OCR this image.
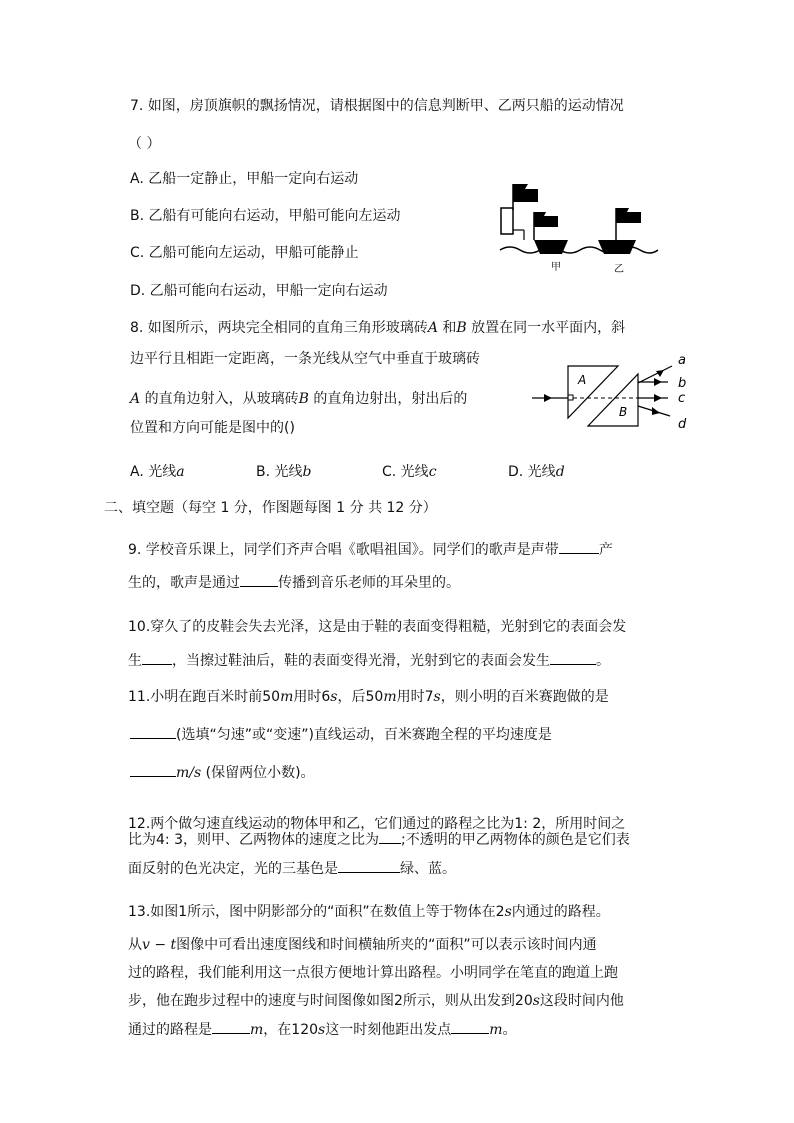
7. 如图，房顶旗帜的飘扬情况，请根据图中的信息判断甲、乙两只船的运动情况
（ ）
A. 乙船一定静止，甲船一定向右运动
B. 乙船有可能向右运动，甲船可能向左运动
C. 乙船可能向左运动，甲船可能静止
D. 乙船可能向右运动，甲船一定向右运动
甲	乙
8. 如图所示，两块完全相同的直角三角形玻璃砖A 和B 放置在同一水平面内，斜
边平行且相距一定距离，一条光线从空气中垂直于玻璃砖
A 的直角边射入，从玻璃砖B 的直角边射出，射出后的
位置和方向可能是图中的()
A
B
a
b
c
d
A. 光线a	B. 光线b	C. 光线c	D. 光线d
二、填空题（每空 1 分，作图题每图 1 分 共 12 分）
9. 学校音乐课上，同学们齐声合唱《歌唱祖国》。同学们的歌声是声带	产
生的，歌声是通过	传播到音乐老师的耳朵里的。
10.穿久了的皮鞋会失去光泽，这是由于鞋的表面变得粗糙，光射到它的表面会发
生 ，当擦过鞋油后，鞋的表面变得光滑，光射到它的表面会发生	。
11.小明在跑百米时前50m用时6s，后50m用时7s，则小明的百米赛跑做的是
(选填“匀速”或“变速”)直线运动，百米赛跑全程的平均速度是
m/s (保留两位小数)。
12.两个做匀速直线运动的物体甲和乙，它们通过的路程之比为1: 2，所用时间之
比为4: 3，则甲、乙两物体的速度之比为 ;不透明的甲乙两物体的颜色是它们表
面反射的色光决定，光的三基色是	绿、蓝。
13.如图1所示，图中阴影部分的“面积”在数值上等于物体在2s内通过的路程。
从v − t图像中可看出速度图线和时间横轴所夹的“面积”可以表示该时间内通
过的路程，我们能利用这一点很方便地计算出路程。小明同学在笔直的跑道上跑
步，他在跑步过程中的速度与时间图像如图2所示，则从出发到20s这段时间内他
通过的路程是	m，在120s这一时刻他距出发点	m。
